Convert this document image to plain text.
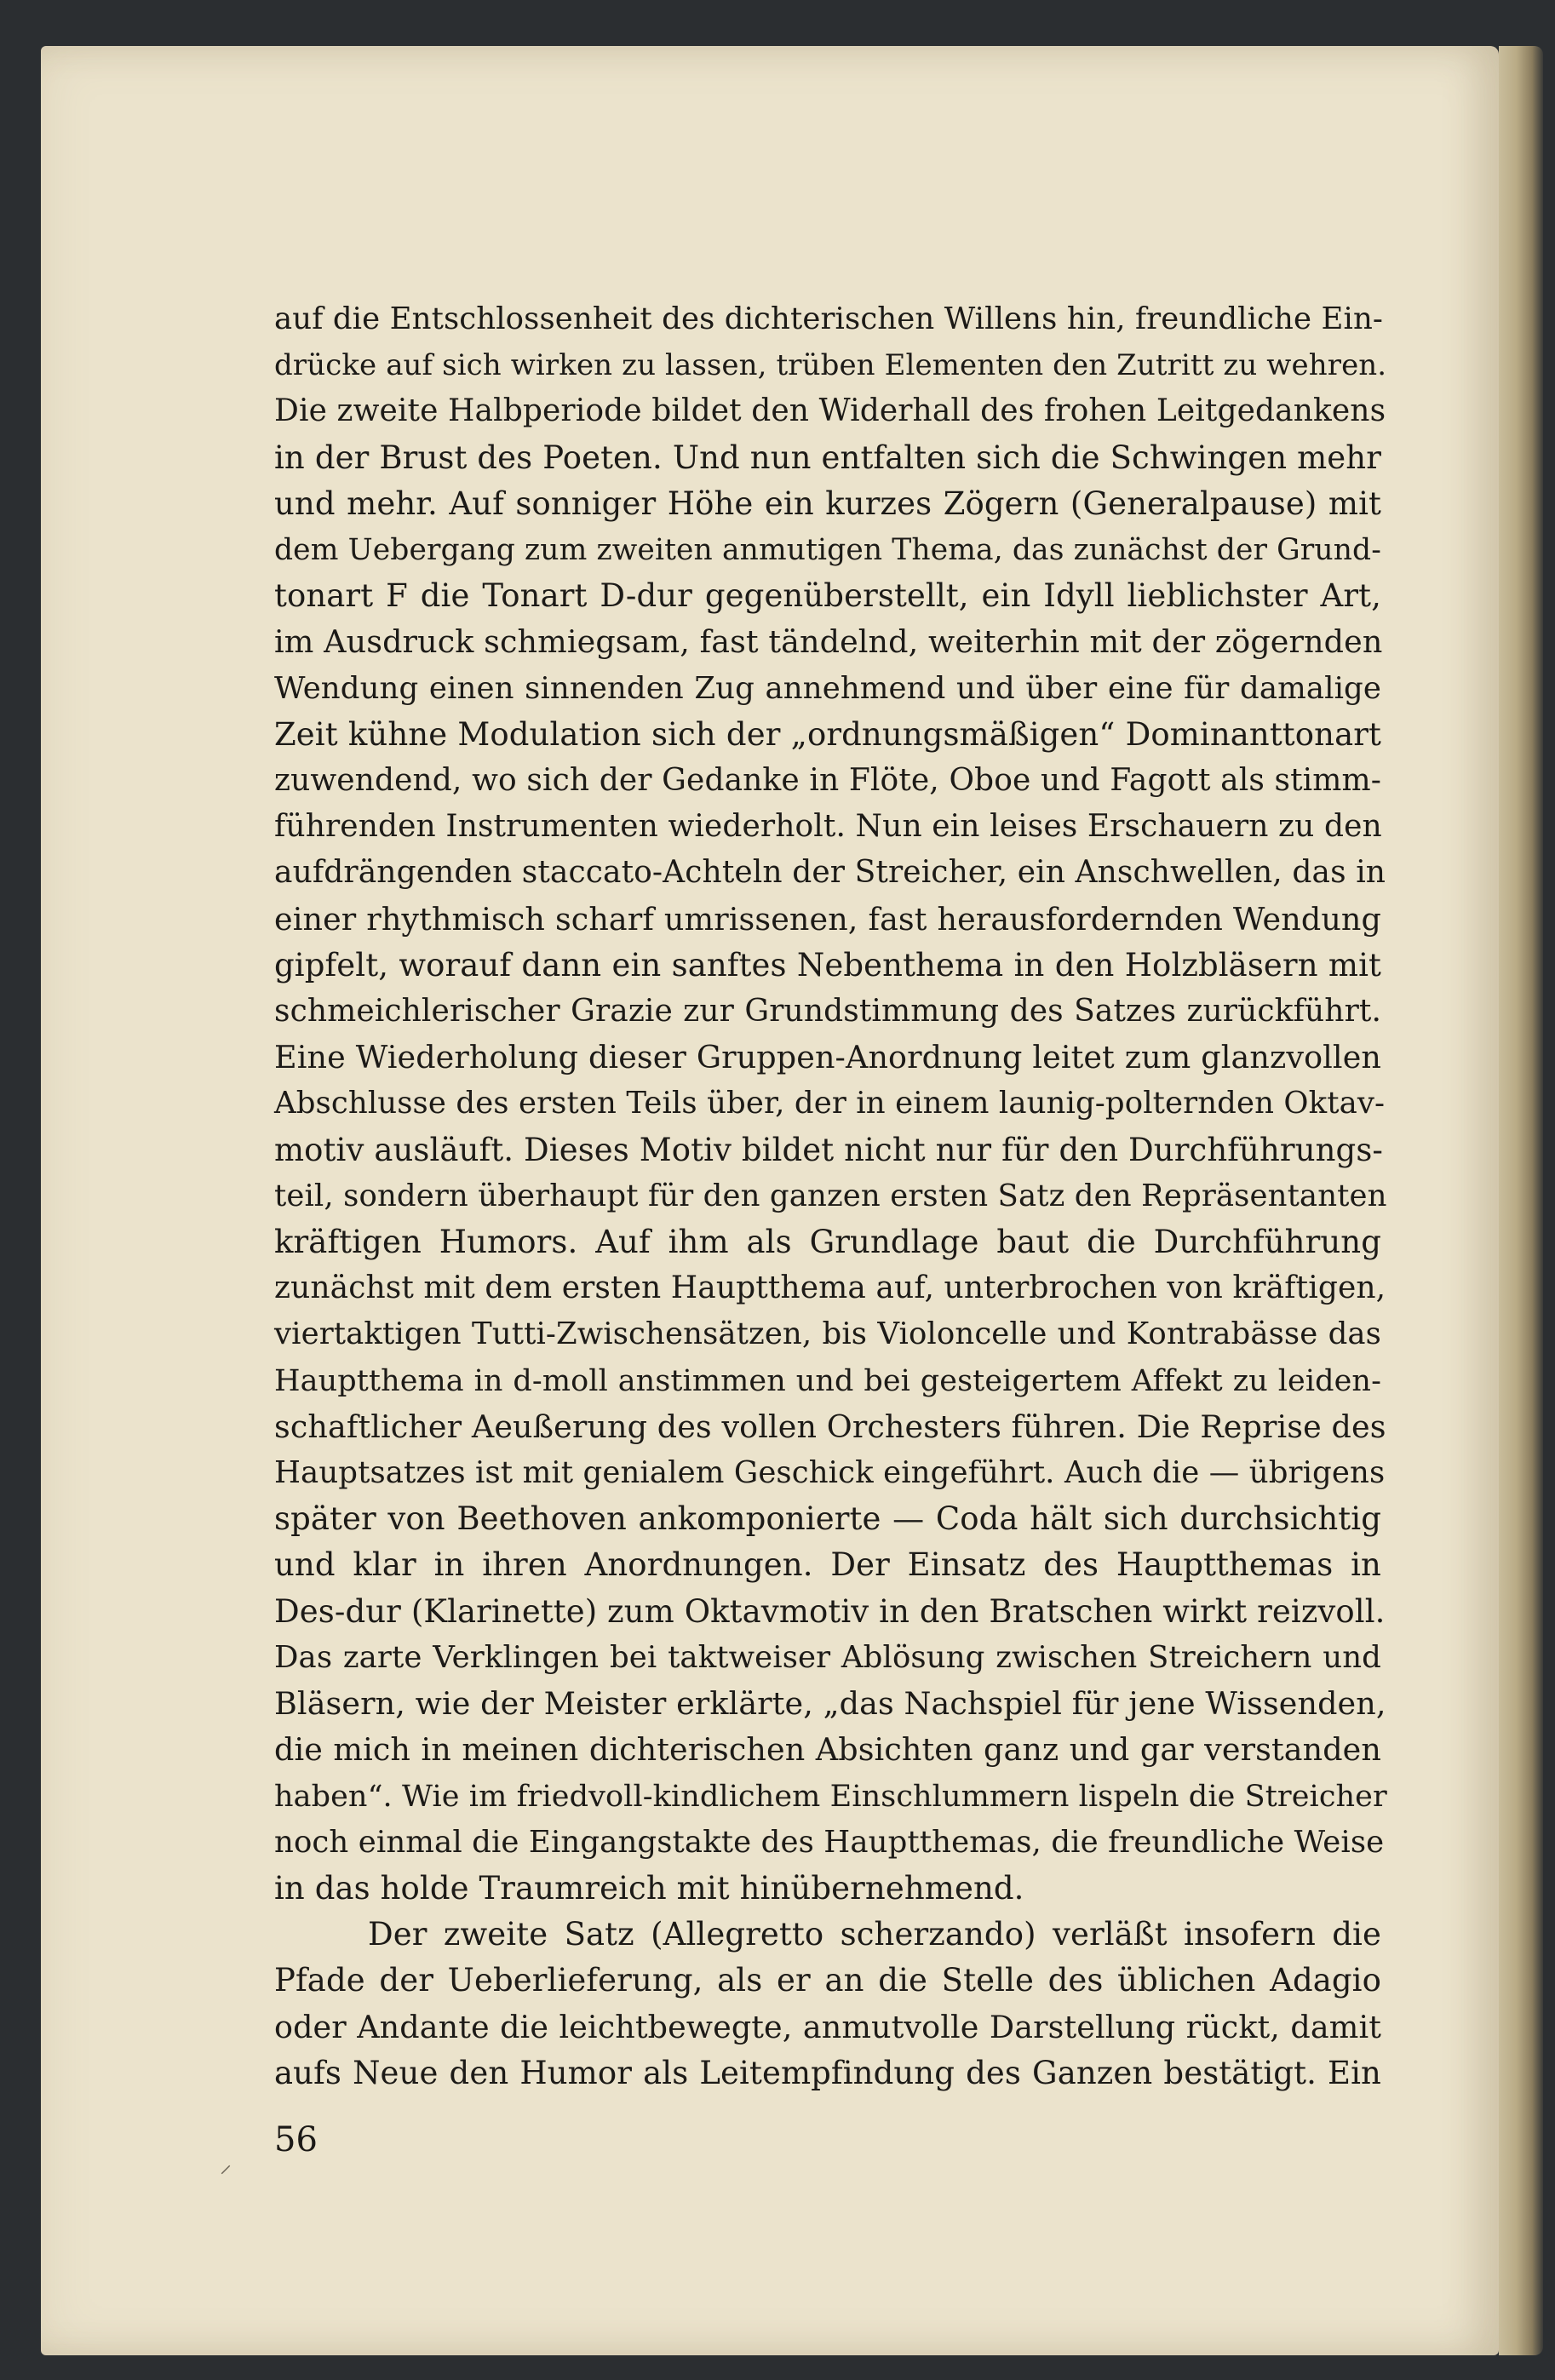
auf die Entschlossenheit des dichterischen Willens hin, freundliche Ein-
drücke auf sich wirken zu lassen, trüben Elementen den Zutritt zu wehren.
Die zweite Halbperiode bildet den Widerhall des frohen Leitgedankens
in der Brust des Poeten. Und nun entfalten sich die Schwingen mehr
und mehr. Auf sonniger Höhe ein kurzes Zögern (Generalpause) mit
dem Uebergang zum zweiten anmutigen Thema, das zunächst der Grund-
tonart F die Tonart D-dur gegenüberstellt, ein Idyll lieblichster Art,
im Ausdruck schmiegsam, fast tändelnd, weiterhin mit der zögernden
Wendung einen sinnenden Zug annehmend und über eine für damalige
Zeit kühne Modulation sich der „ordnungsmäßigen“ Dominanttonart
zuwendend, wo sich der Gedanke in Flöte, Oboe und Fagott als stimm-
führenden Instrumenten wiederholt. Nun ein leises Erschauern zu den
aufdrängenden staccato-Achteln der Streicher, ein Anschwellen, das in
einer rhythmisch scharf umrissenen, fast herausfordernden Wendung
gipfelt, worauf dann ein sanftes Nebenthema in den Holzbläsern mit
schmeichlerischer Grazie zur Grundstimmung des Satzes zurückführt.
Eine Wiederholung dieser Gruppen-Anordnung leitet zum glanzvollen
Abschlusse des ersten Teils über, der in einem launig-polternden Oktav-
motiv ausläuft. Dieses Motiv bildet nicht nur für den Durchführungs-
teil, sondern überhaupt für den ganzen ersten Satz den Repräsentanten
kräftigen Humors. Auf ihm als Grundlage baut die Durchführung
zunächst mit dem ersten Hauptthema auf, unterbrochen von kräftigen,
viertaktigen Tutti-Zwischensätzen, bis Violoncelle und Kontrabässe das
Hauptthema in d-moll anstimmen und bei gesteigertem Affekt zu leiden-
schaftlicher Aeußerung des vollen Orchesters führen. Die Reprise des
Hauptsatzes ist mit genialem Geschick eingeführt. Auch die — übrigens
später von Beethoven ankomponierte — Coda hält sich durchsichtig
und klar in ihren Anordnungen. Der Einsatz des Hauptthemas in
Des-dur (Klarinette) zum Oktavmotiv in den Bratschen wirkt reizvoll.
Das zarte Verklingen bei taktweiser Ablösung zwischen Streichern und
Bläsern, wie der Meister erklärte, „das Nachspiel für jene Wissenden,
die mich in meinen dichterischen Absichten ganz und gar verstanden
haben“. Wie im friedvoll-kindlichem Einschlummern lispeln die Streicher
noch einmal die Eingangstakte des Hauptthemas, die freundliche Weise
in das holde Traumreich mit hinübernehmend.
Der zweite Satz (Allegretto scherzando) verläßt insofern die
Pfade der Ueberlieferung, als er an die Stelle des üblichen Adagio
oder Andante die leichtbewegte, anmutvolle Darstellung rückt, damit
aufs Neue den Humor als Leitempfindung des Ganzen bestätigt. Ein
⸝
56
